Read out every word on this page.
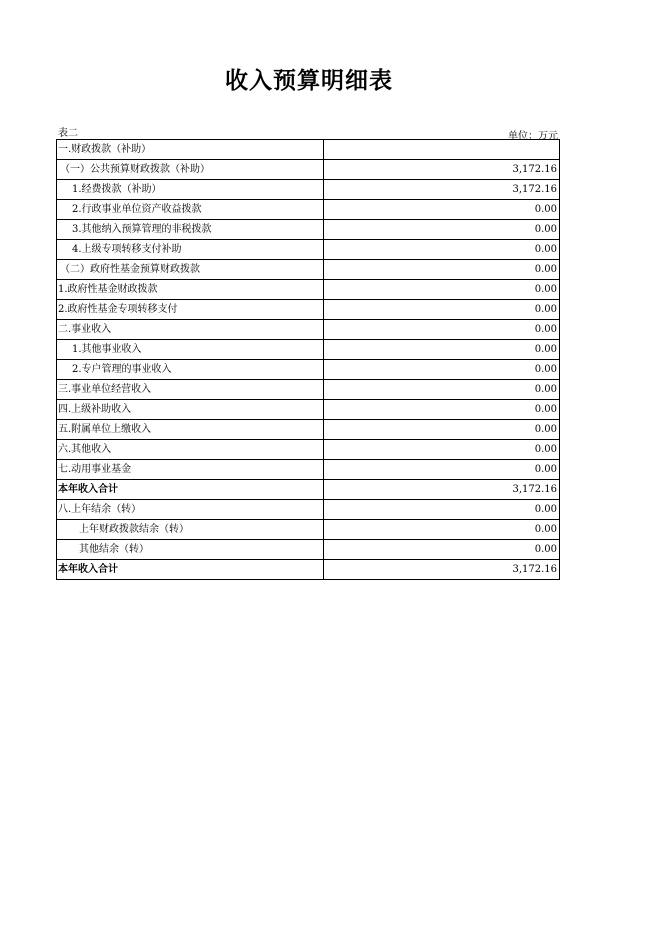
收入预算明细表
表二	单位：万元
一.财政拨款（补助）	
（一）公共预算财政拨款（补助）	3,172.16
1.经费拨款（补助）	3,172.16
2.行政事业单位资产收益拨款	0.00
3.其他纳入预算管理的非税拨款	0.00
4.上级专项转移支付补助	0.00
（二）政府性基金预算财政拨款	0.00
1.政府性基金财政拨款	0.00
2.政府性基金专项转移支付	0.00
二.事业收入	0.00
1.其他事业收入	0.00
2.专户管理的事业收入	0.00
三.事业单位经营收入	0.00
四.上级补助收入	0.00
五.附属单位上缴收入	0.00
六.其他收入	0.00
七.动用事业基金	0.00
本年收入合计	3,172.16
八.上年结余（转）	0.00
上年财政拨款结余（转）	0.00
其他结余（转）	0.00
本年收入合计	3,172.16
